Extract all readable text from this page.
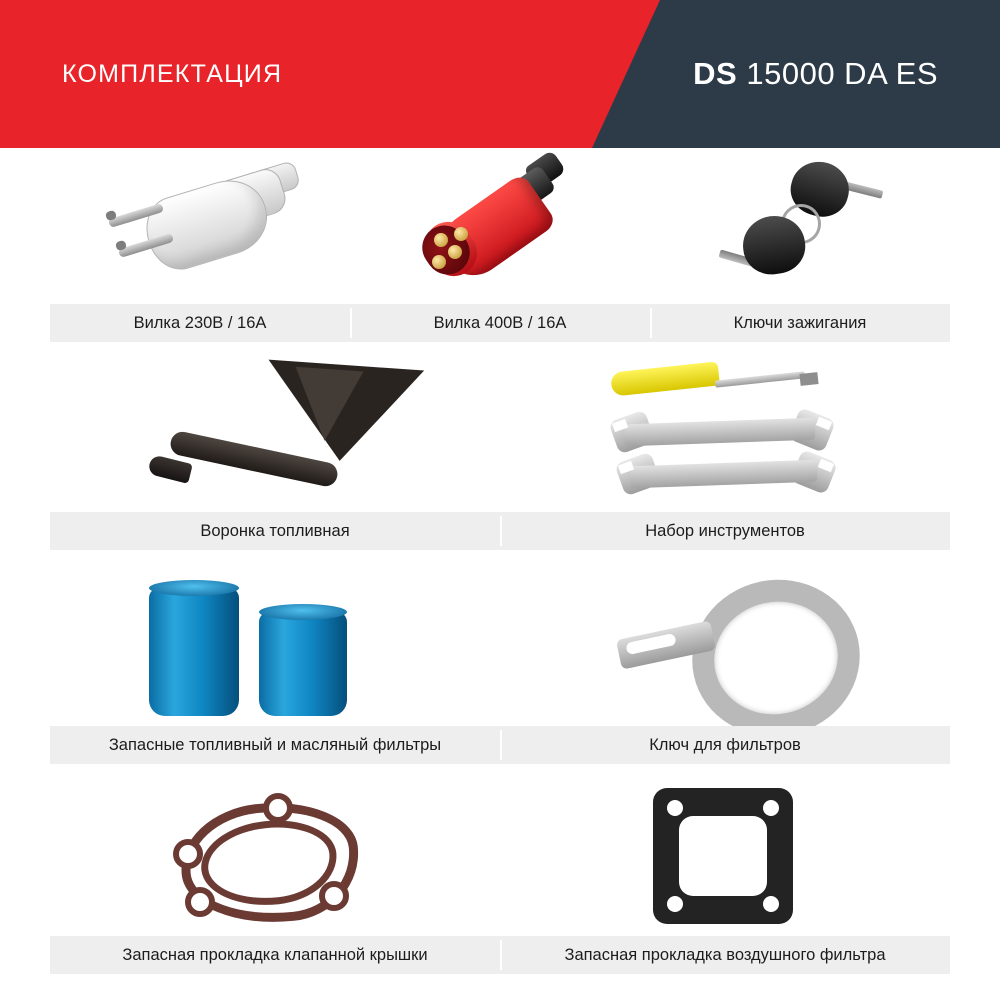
КОМПЛЕКТАЦИЯ	DS 15000 DA ES
Вилка 230В / 16А	Вилка 400В / 16А	Ключи зажигания
Воронка топливная	Набор инструментов
Запасные топливный и масляный фильтры	Ключ для фильтров
Запасная прокладка клапанной крышки	Запасная прокладка воздушного фильтра
